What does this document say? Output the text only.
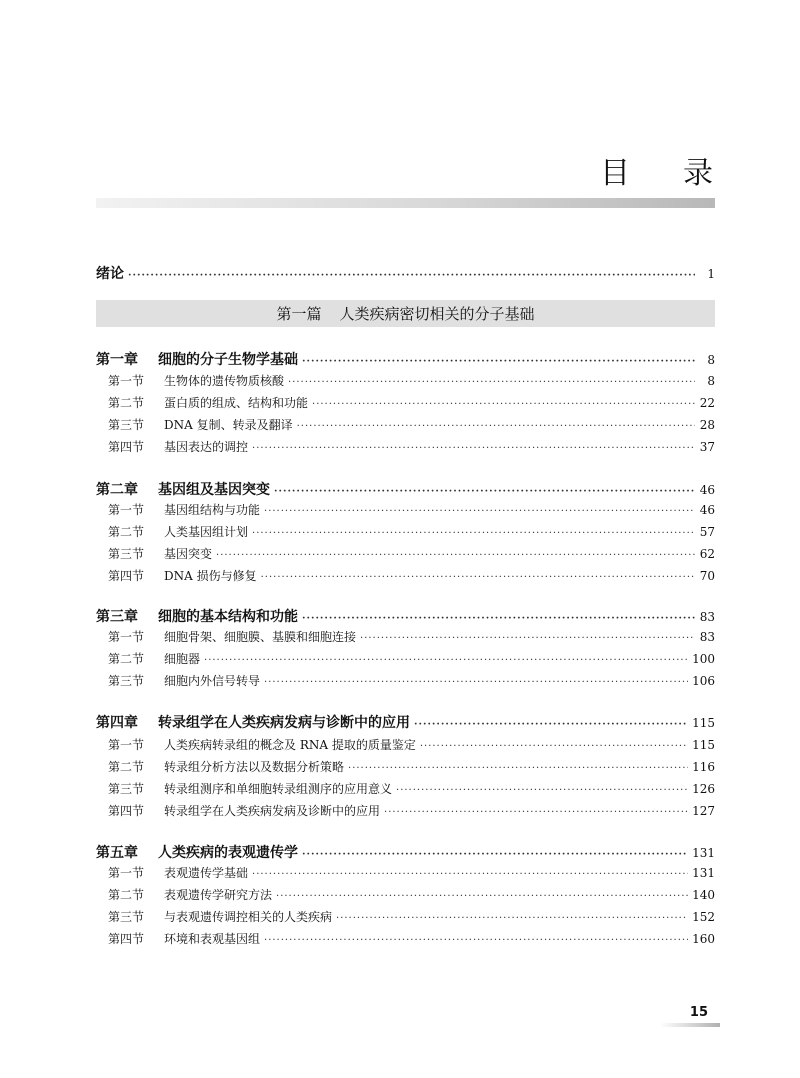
目 录
绪论 ·····	1
第一篇 人类疾病密切相关的分子基础
第一章	细胞的分子生物学基础 ·····	8
第一节	生物体的遗传物质核酸 ·····	8
第二节	蛋白质的组成、结构和功能 ·····	22
第三节	DNA 复制、转录及翻译 ·····	28
第四节	基因表达的调控 ·····	37
第二章	基因组及基因突变 ·····	46
第一节	基因组结构与功能 ·····	46
第二节	人类基因组计划 ·····	57
第三节	基因突变 ·····	62
第四节	DNA 损伤与修复 ·····	70
第三章	细胞的基本结构和功能 ·····	83
第一节	细胞骨架、细胞膜、基膜和细胞连接 ·····	83
第二节	细胞器 ·····	100
第三节	细胞内外信号转导 ·····	106
第四章	转录组学在人类疾病发病与诊断中的应用 ·····	115
第一节	人类疾病转录组的概念及 RNA 提取的质量鉴定 ·····	115
第二节	转录组分析方法以及数据分析策略 ·····	116
第三节	转录组测序和单细胞转录组测序的应用意义 ·····	126
第四节	转录组学在人类疾病发病及诊断中的应用 ·····	127
第五章	人类疾病的表观遗传学 ·····	131
第一节	表观遗传学基础 ·····	131
第二节	表观遗传学研究方法 ·····	140
第三节	与表观遗传调控相关的人类疾病 ·····	152
第四节	环境和表观基因组 ·····	160
15
